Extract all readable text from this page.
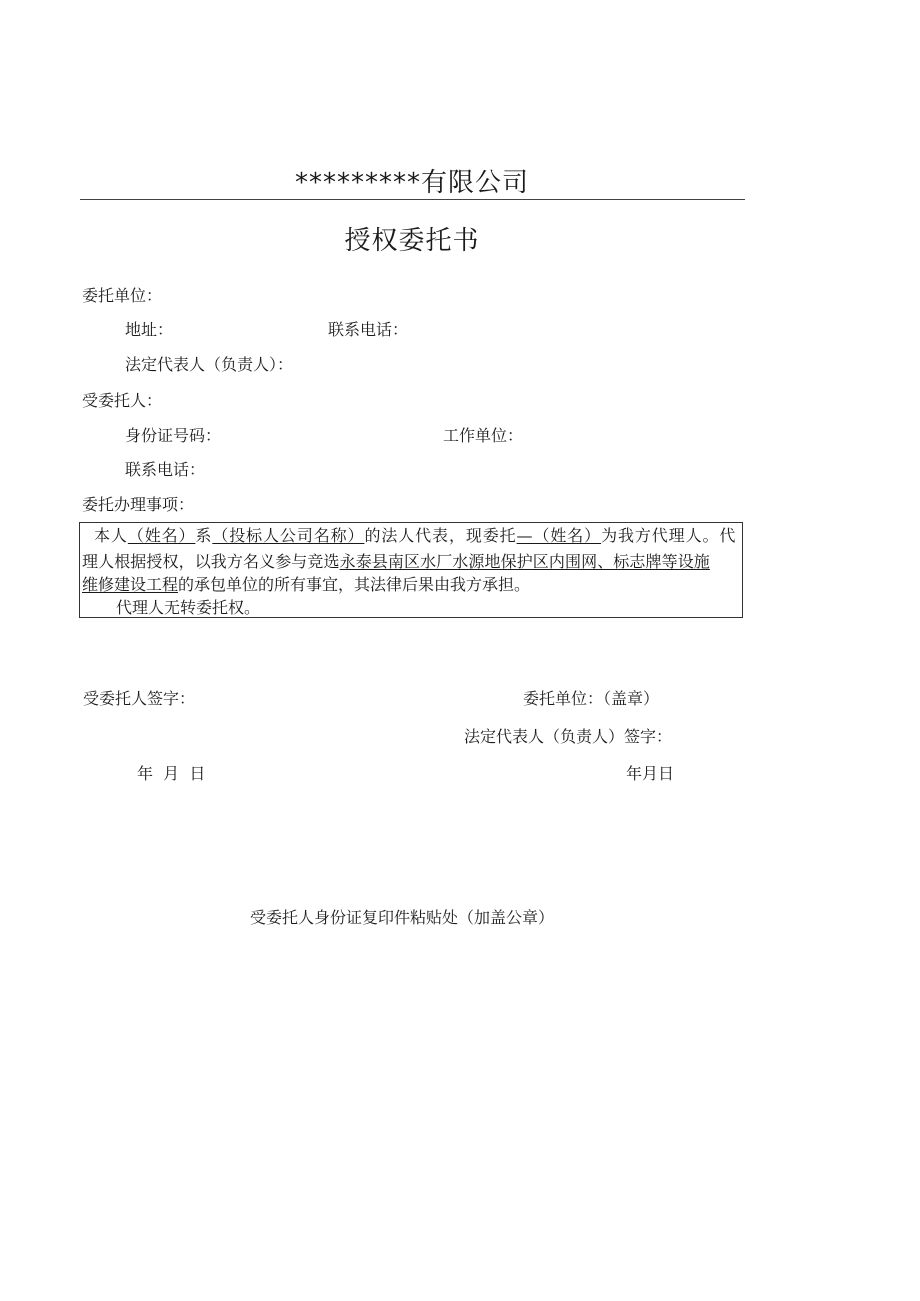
*********有限公司
授权委托书
委托单位：
地址：	联系电话：
法定代表人（负责人）：
受委托人：
身份证号码：	工作单位：
联系电话：
委托办理事项：
本人（姓名）系（投标人公司名称）的法人代表，现委托—（姓名）为我方代理人。代
理人根据授权，以我方名义参与竞选永泰县南区水厂水源地保护区内围网、标志牌等设施
维修建设工程的承包单位的所有事宜，其法律后果由我方承担。
代理人无转委托权。
受委托人签字：	委托单位：（盖章）
法定代表人（负责人）签字：
年  月  日	年月日
受委托人身份证复印件粘贴处（加盖公章）
